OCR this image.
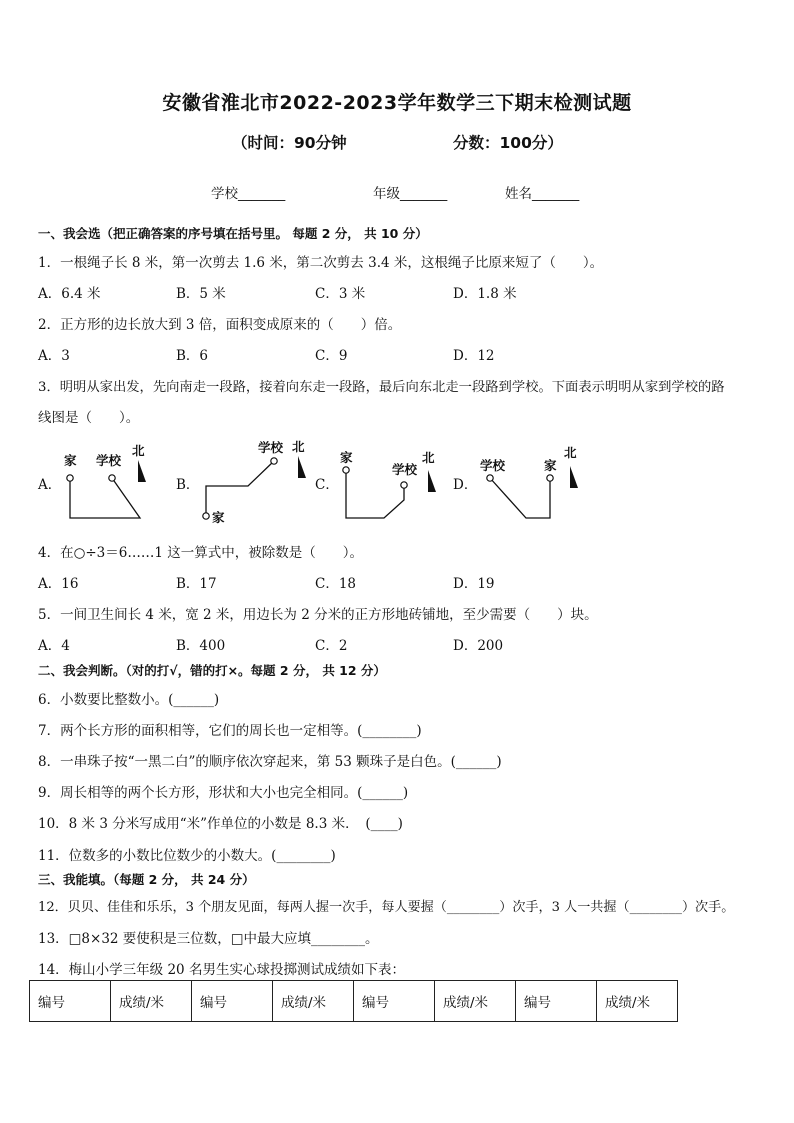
安徽省淮北市2022-2023学年数学三下期末检测试题
（时间：90分钟	分数：100分）
学校_______	年级_______	姓名_______
一、我会选（把正确答案的序号填在括号里。 每题 2 分， 共 10 分）
1．一根绳子长 8 米，第一次剪去 1.6 米，第二次剪去 3.4 米，这根绳子比原来短了（　　）。
A．6.4 米	B．5 米	C．3 米	D．1.8 米
2．正方形的边长放大到 3 倍，面积变成原来的（　　）倍。
A．3	B．6	C．9	D．12
3．明明从家出发，先向南走一段路，接着向东走一段路，最后向东北走一段路到学校。下面表示明明从家到学校的路
线图是（　　）。
A．	B．	C．	D．
家 学校
北	学校 北
家
家
学校
北
学校	家
北
4．在○÷3＝6……1 这一算式中，被除数是（　　）。
A．16	B．17	C．18	D．19
5．一间卫生间长 4 米，宽 2 米，用边长为 2 分米的正方形地砖铺地，至少需要（　　）块。
A．4	B．400	C．2	D．200
二、我会判断。（对的打√，错的打×。每题 2 分， 共 12 分）
6．小数要比整数小。(______)
7．两个长方形的面积相等，它们的周长也一定相等。(________)
8．一串珠子按“一黑二白”的顺序依次穿起来，第 53 颗珠子是白色。(______)
9．周长相等的两个长方形，形状和大小也完全相同。(______)
10．8 米 3 分米写成用“米”作单位的小数是 8.3 米．　(____)
11．位数多的小数比位数少的小数大。(________)
三、我能填。（每题 2 分， 共 24 分）
12．贝贝、佳佳和乐乐，3 个朋友见面，每两人握一次手，每人要握（________）次手，3 人一共握（________）次手。
13．□8×32 要使积是三位数，□中最大应填________。
14．梅山小学三年级 20 名男生实心球投掷测试成绩如下表：
编号	成绩/米	编号	成绩/米	编号	成绩/米	编号	成绩/米
